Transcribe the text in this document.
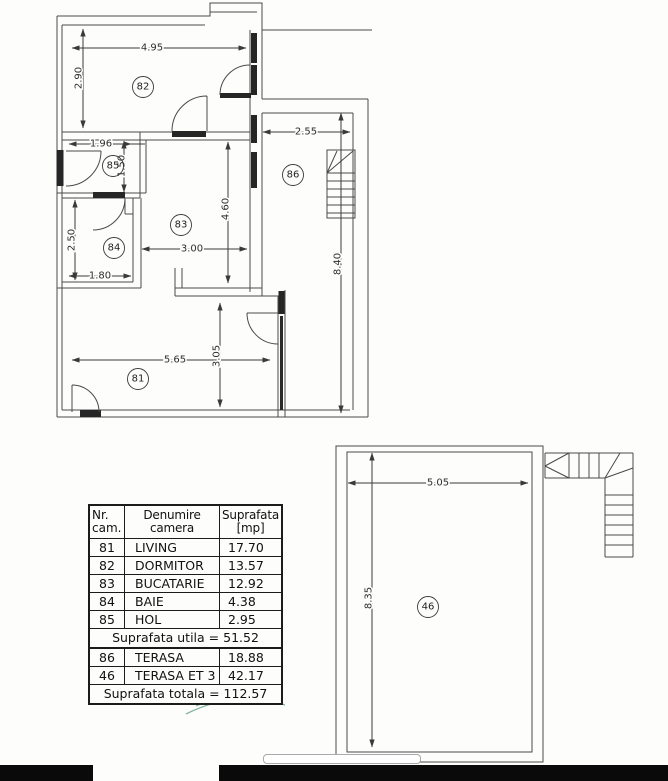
4.95
2.90
1.96
1.50
2.50
1.80
3.00
4.60
2.55
8.40
5.65	3.05
82
85
84
83
86
81
5.05
8.35	46
Nr. cam.
Denumire camera
Suprafata [mp]
81	LIVING	17.70
82	DORMITOR	13.57
83	BUCATARIE	12.92
84	BAIE	4.38
85	HOL	2.95
Suprafata utila = 51.52
86	TERASA	18.88
46	TERASA ET 3	42.17
Suprafata totala = 112.57
